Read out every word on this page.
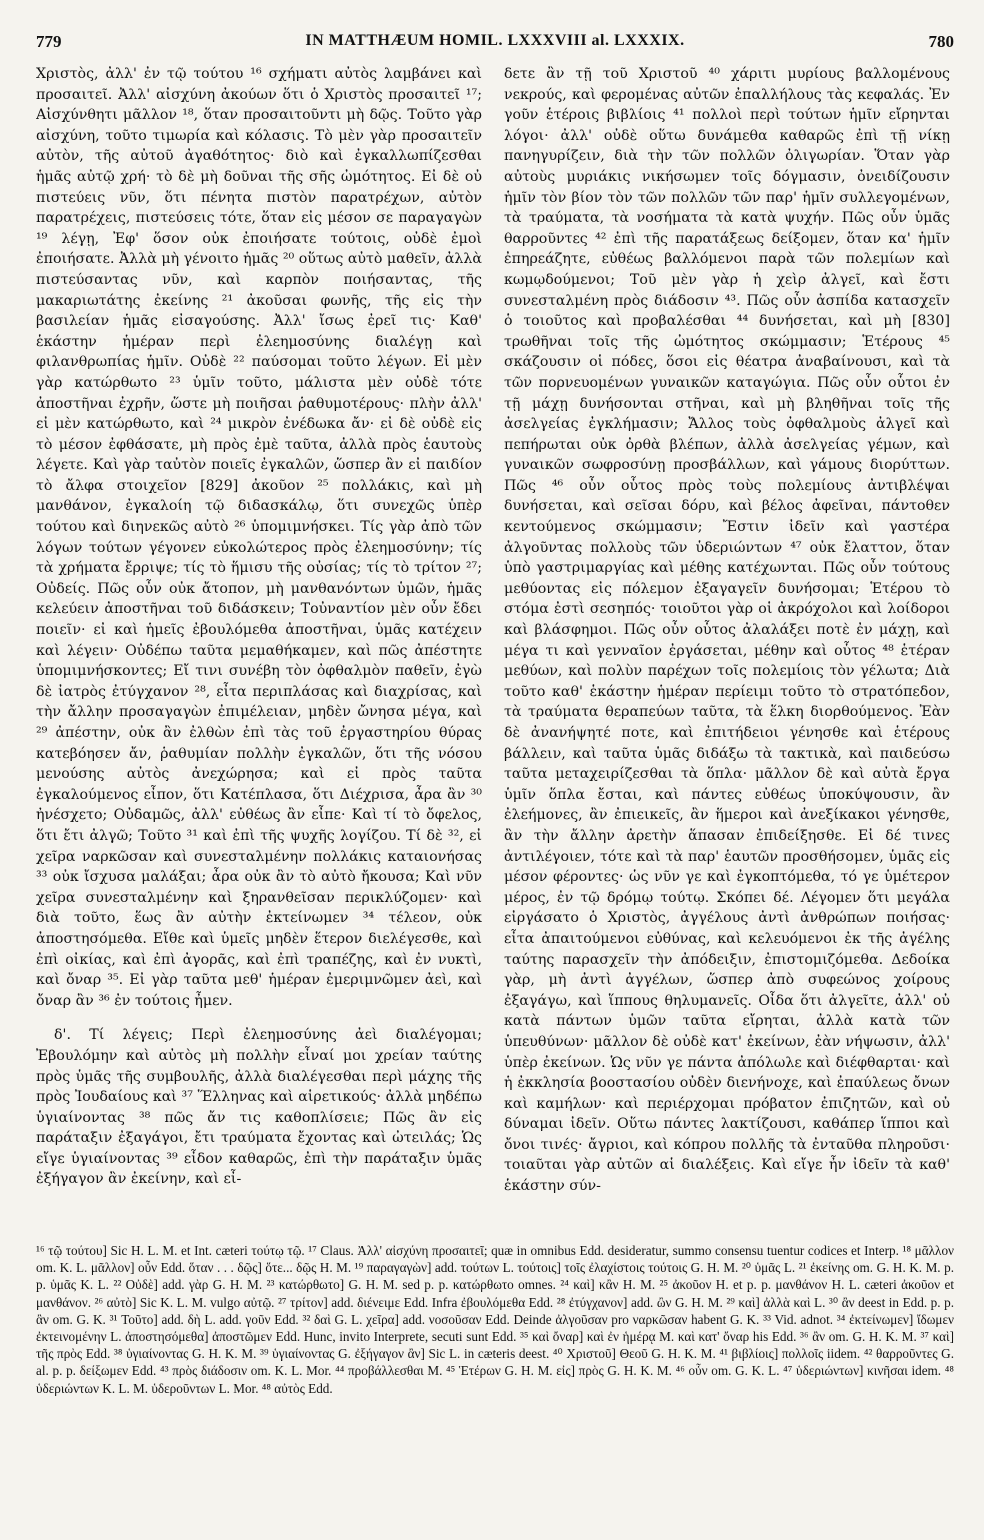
779	IN MATTHÆUM HOMIL. LXXXVIII al. LXXXIX.	780

Χριστὸς, ἀλλ' ἐν τῷ τούτου ¹⁶ σχήματι αὐτὸς λαμβάνει καὶ προσαιτεῖ. Ἀλλ' αἰσχύνη ἀκούων ὅτι ὁ Χριστὸς προσαιτεῖ ¹⁷; Αἰσχύνθητι μᾶλλον ¹⁸, ὅταν προσαιτοῦντι μὴ δῷς. Τοῦτο γὰρ αἰσχύνη, τοῦτο τιμωρία καὶ κόλασις. Τὸ μὲν γὰρ προσαιτεῖν αὐτὸν, τῆς αὐτοῦ ἀγαθότητος· διὸ καὶ ἐγκαλλωπίζεσθαι ἡμᾶς αὐτῷ χρή· τὸ δὲ μὴ δοῦναι τῆς σῆς ὠμότητος. Εἰ δὲ οὐ πιστεύεις νῦν, ὅτι πένητα πιστὸν παρατρέχων, αὐτὸν παρατρέχεις, πιστεύσεις τότε, ὅταν εἰς μέσον σε παραγαγὼν ¹⁹ λέγῃ, Ἐφ' ὅσον οὐκ ἐποιήσατε τούτοις, οὐδὲ ἐμοὶ ἐποιήσατε. Ἀλλὰ μὴ γένοιτο ἡμᾶς ²⁰ οὕτως αὐτὸ μαθεῖν, ἀλλὰ πιστεύσαντας νῦν, καὶ καρπὸν ποιήσαντας, τῆς μακαριωτάτης ἐκείνης ²¹ ἀκοῦσαι φωνῆς, τῆς εἰς τὴν βασιλείαν ἡμᾶς εἰσαγούσης. Ἀλλ' ἴσως ἐρεῖ τις· Καθ' ἑκάστην ἡμέραν περὶ ἐλεημοσύνης διαλέγῃ καὶ φιλανθρωπίας ἡμῖν. Οὐδὲ ²² παύσομαι τοῦτο λέγων. Εἰ μὲν γὰρ κατώρθωτο ²³ ὑμῖν τοῦτο, μάλιστα μὲν οὐδὲ τότε ἀποστῆναι ἐχρῆν, ὥστε μὴ ποιῆσαι ῥαθυμοτέρους· πλὴν ἀλλ' εἰ μὲν κατώρθωτο, καὶ ²⁴ μικρὸν ἐνέδωκα ἄν· εἰ δὲ οὐδὲ εἰς τὸ μέσον ἐφθάσατε, μὴ πρὸς ἐμὲ ταῦτα, ἀλλὰ πρὸς ἑαυτοὺς λέγετε. Καὶ γὰρ ταὐτὸν ποιεῖς ἐγκαλῶν, ὥσπερ ἂν εἰ παιδίον τὸ ἄλφα στοιχεῖον [829] ἀκοῦον ²⁵ πολλάκις, καὶ μὴ μανθάνον, ἐγκαλοίη τῷ διδασκάλῳ, ὅτι συνεχῶς ὑπὲρ τούτου καὶ διηνεκῶς αὐτὸ ²⁶ ὑπομιμνήσκει. Τίς γὰρ ἀπὸ τῶν λόγων τούτων γέγονεν εὐκολώτερος πρὸς ἐλεημοσύνην; τίς τὰ χρήματα ἔρριψε; τίς τὸ ἥμισυ τῆς οὐσίας; τίς τὸ τρίτον ²⁷; Οὐδείς. Πῶς οὖν οὐκ ἄτοπον, μὴ μανθανόντων ὑμῶν, ἡμᾶς κελεύειν ἀποστῆναι τοῦ διδάσκειν; Τοὐναντίον μὲν οὖν ἔδει ποιεῖν· εἰ καὶ ἡμεῖς ἐβουλόμεθα ἀποστῆναι, ὑμᾶς κατέχειν καὶ λέγειν· Οὐδέπω ταῦτα μεμαθήκαμεν, καὶ πῶς ἀπέστητε ὑπομιμνήσκοντες; Εἴ τινι συνέβη τὸν ὀφθαλμὸν παθεῖν, ἐγὼ δὲ ἰατρὸς ἐτύγχανον ²⁸, εἶτα περιπλάσας καὶ διαχρίσας, καὶ τὴν ἄλλην προσαγαγὼν ἐπιμέλειαν, μηδὲν ὤνησα μέγα, καὶ ²⁹ ἀπέστην, οὐκ ἂν ἐλθὼν ἐπὶ τὰς τοῦ ἐργαστηρίου θύρας κατεβόησεν ἄν, ῥαθυμίαν πολλὴν ἐγκαλῶν, ὅτι τῆς νόσου μενούσης αὐτὸς ἀνεχώρησα; καὶ εἰ πρὸς ταῦτα ἐγκαλούμενος εἶπον, ὅτι Κατέπλασα, ὅτι Διέχρισα, ἆρα ἂν ³⁰ ἠνέσχετο; Οὐδαμῶς, ἀλλ' εὐθέως ἂν εἶπε· Καὶ τί τὸ ὄφελος, ὅτι ἔτι ἀλγῶ; Τοῦτο ³¹ καὶ ἐπὶ τῆς ψυχῆς λογίζου. Τί δὲ ³², εἰ χεῖρα ναρκῶσαν καὶ συνεσταλμένην πολλάκις καταιονήσας ³³ οὐκ ἴσχυσα μαλάξαι; ἆρα οὐκ ἂν τὸ αὐτὸ ἤκουσα; Καὶ νῦν χεῖρα συνεσταλμένην καὶ ξηρανθεῖσαν περικλύζομεν· καὶ διὰ τοῦτο, ἕως ἂν αὐτὴν ἐκτείνωμεν ³⁴ τέλεον, οὐκ ἀποστησόμεθα. Εἴθε καὶ ὑμεῖς μηδὲν ἕτερον διελέγεσθε, καὶ ἐπὶ οἰκίας, καὶ ἐπὶ ἀγορᾶς, καὶ ἐπὶ τραπέζης, καὶ ἐν νυκτὶ, καὶ ὄναρ ³⁵. Εἰ γὰρ ταῦτα μεθ' ἡμέραν ἐμεριμνῶμεν ἀεὶ, καὶ ὄναρ ἂν ³⁶ ἐν τούτοις ἦμεν.

δ'. Τί λέγεις; Περὶ ἐλεημοσύνης ἀεὶ διαλέγομαι; Ἐβουλόμην καὶ αὐτὸς μὴ πολλὴν εἶναί μοι χρείαν ταύτης πρὸς ὑμᾶς τῆς συμβουλῆς, ἀλλὰ διαλέγεσθαι περὶ μάχης τῆς πρὸς Ἰουδαίους καὶ ³⁷ Ἕλληνας καὶ αἱρετικούς· ἀλλὰ μηδέπω ὑγιαίνοντας ³⁸ πῶς ἄν τις καθοπλίσειε; Πῶς ἂν εἰς παράταξιν ἐξαγάγοι, ἔτι τραύματα ἔχοντας καὶ ὠτειλάς; Ὡς εἴγε ὑγιαίνοντας ³⁹ εἶδον καθαρῶς, ἐπὶ τὴν παράταξιν ὑμᾶς ἐξήγαγον ἂν ἐκείνην, καὶ εἶ-

δετε ἂν τῇ τοῦ Χριστοῦ ⁴⁰ χάριτι μυρίους βαλλομένους νεκρούς, καὶ φερομένας αὐτῶν ἐπαλλήλους τὰς κεφαλάς. Ἐν γοῦν ἑτέροις βιβλίοις ⁴¹ πολλοὶ περὶ τούτων ἡμῖν εἴρηνται λόγοι· ἀλλ' οὐδὲ οὕτω δυνάμεθα καθαρῶς ἐπὶ τῇ νίκῃ πανηγυρίζειν, διὰ τὴν τῶν πολλῶν ὀλιγωρίαν. Ὅταν γὰρ αὐτοὺς μυριάκις νικήσωμεν τοῖς δόγμασιν, ὀνειδίζουσιν ἡμῖν τὸν βίον τὸν τῶν πολλῶν τῶν παρ' ἡμῖν συλλεγομένων, τὰ τραύματα, τὰ νοσήματα τὰ κατὰ ψυχήν. Πῶς οὖν ὑμᾶς θαρροῦντες ⁴² ἐπὶ τῆς παρατάξεως δείξομεν, ὅταν κα' ἡμῖν ἐπηρεάζητε, εὐθέως βαλλόμενοι παρὰ τῶν πολεμίων καὶ κωμῳδούμενοι; Τοῦ μὲν γὰρ ἡ χεὶρ ἀλγεῖ, καὶ ἔστι συνεσταλμένη πρὸς διάδοσιν ⁴³. Πῶς οὖν ἀσπίδα κατασχεῖν ὁ τοιοῦτος καὶ προβαλέσθαι ⁴⁴ δυνήσεται, καὶ μὴ [830] τρωθῆναι τοῖς τῆς ὠμότητος σκώμμασιν; Ἑτέρους ⁴⁵ σκάζουσιν οἱ πόδες, ὅσοι εἰς θέατρα ἀναβαίνουσι, καὶ τὰ τῶν πορνευομένων γυναικῶν καταγώγια. Πῶς οὖν οὗτοι ἐν τῇ μάχῃ δυνήσονται στῆναι, καὶ μὴ βληθῆναι τοῖς τῆς ἀσελγείας ἐγκλήμασιν; Ἄλλος τοὺς ὀφθαλμοὺς ἀλγεῖ καὶ πεπήρωται οὐκ ὀρθὰ βλέπων, ἀλλὰ ἀσελγείας γέμων, καὶ γυναικῶν σωφροσύνῃ προσβάλλων, καὶ γάμους διορύττων. Πῶς ⁴⁶ οὖν οὗτος πρὸς τοὺς πολεμίους ἀντιβλέψαι δυνήσεται, καὶ σεῖσαι δόρυ, καὶ βέλος ἀφεῖναι, πάντοθεν κεντούμενος σκώμμασιν; Ἔστιν ἰδεῖν καὶ γαστέρα ἀλγοῦντας πολλοὺς τῶν ὑδεριώντων ⁴⁷ οὐκ ἔλαττον, ὅταν ὑπὸ γαστριμαργίας καὶ μέθης κατέχωνται. Πῶς οὖν τούτους μεθύοντας εἰς πόλεμον ἐξαγαγεῖν δυνήσομαι; Ἑτέρου τὸ στόμα ἐστὶ σεσηπός· τοιοῦτοι γὰρ οἱ ἀκρόχολοι καὶ λοίδοροι καὶ βλάσφημοι. Πῶς οὖν οὗτος ἀλαλάξει ποτὲ ἐν μάχῃ, καὶ μέγα τι καὶ γενναῖον ἐργάσεται, μέθην καὶ οὗτος ⁴⁸ ἑτέραν μεθύων, καὶ πολὺν παρέχων τοῖς πολεμίοις τὸν γέλωτα; Διὰ τοῦτο καθ' ἑκάστην ἡμέραν περίειμι τοῦτο τὸ στρατόπεδον, τὰ τραύματα θεραπεύων ταῦτα, τὰ ἕλκη διορθούμενος. Ἐὰν δὲ ἀνανήψητέ ποτε, καὶ ἐπιτήδειοι γένησθε καὶ ἑτέρους βάλλειν, καὶ ταῦτα ὑμᾶς διδάξω τὰ τακτικὰ, καὶ παιδεύσω ταῦτα μεταχειρίζεσθαι τὰ ὅπλα· μᾶλλον δὲ καὶ αὐτὰ ἔργα ὑμῖν ὅπλα ἔσται, καὶ πάντες εὐθέως ὑποκύψουσιν, ἂν ἐλεήμονες, ἂν ἐπιεικεῖς, ἂν ἥμεροι καὶ ἀνεξίκακοι γένησθε, ἂν τὴν ἄλλην ἀρετὴν ἅπασαν ἐπιδείξησθε. Εἰ δέ τινες ἀντιλέγοιεν, τότε καὶ τὰ παρ' ἑαυτῶν προσθήσομεν, ὑμᾶς εἰς μέσον φέροντες· ὡς νῦν γε καὶ ἐγκοπτόμεθα, τό γε ὑμέτερον μέρος, ἐν τῷ δρόμῳ τούτῳ. Σκόπει δέ. Λέγομεν ὅτι μεγάλα εἰργάσατο ὁ Χριστὸς, ἀγγέλους ἀντὶ ἀνθρώπων ποιήσας· εἶτα ἀπαιτούμενοι εὐθύνας, καὶ κελευόμενοι ἐκ τῆς ἀγέλης ταύτης παρασχεῖν τὴν ἀπόδειξιν, ἐπιστομιζόμεθα. Δεδοίκα γὰρ, μὴ ἀντὶ ἀγγέλων, ὥσπερ ἀπὸ συφεώνος χοίρους ἐξαγάγω, καὶ ἵππους θηλυμανεῖς. Οἶδα ὅτι ἀλγεῖτε, ἀλλ' οὐ κατὰ πάντων ὑμῶν ταῦτα εἴρηται, ἀλλὰ κατὰ τῶν ὑπευθύνων· μᾶλλον δὲ οὐδὲ κατ' ἐκείνων, ἐὰν νήψωσιν, ἀλλ' ὑπὲρ ἐκείνων. Ὡς νῦν γε πάντα ἀπόλωλε καὶ διέφθαρται· καὶ ἡ ἐκκλησία βοοστασίου οὐδὲν διενήνοχε, καὶ ἐπαύλεως ὄνων καὶ καμήλων· καὶ περιέρχομαι πρόβατον ἐπιζητῶν, καὶ οὐ δύναμαι ἰδεῖν. Οὕτω πάντες λακτίζουσι, καθάπερ ἵπποι καὶ ὄνοι τινές· ἄγριοι, καὶ κόπρου πολλῆς τὰ ἐνταῦθα πληροῦσι· τοιαῦται γὰρ αὐτῶν αἱ διαλέξεις. Καὶ εἴγε ἦν ἰδεῖν τὰ καθ' ἑκάστην σύν-

¹⁶ τῷ τούτου] Sic H. L. M. et Int. cæteri τούτῳ τῷ. ¹⁷ Claus. Ἀλλ' αἰσχύνη προσαιτεῖ; quæ in omnibus Edd. desideratur, summo consensu tuentur codices et Interp. ¹⁸ μᾶλλον om. K. L. μᾶλλον] οὖν Edd. ὅταν . . . δῷς] ὅτε... δῷς H. M. ¹⁹ παραγαγὼν] add. τούτων L. τούτοις] τοῖς ἐλαχίστοις τούτοις G. H. M. ²⁰ ὑμᾶς L. ²¹ ἐκείνης om. G. H. K. M. p. p. ὑμᾶς K. L. ²² Οὐδὲ] add. γὰρ G. H. M. ²³ κατώρθωτο] G. H. M. sed p. p. κατώρθωτο omnes. ²⁴ καὶ] κἂν H. M. ²⁵ ἀκοῦον H. et p. p. μανθάνον H. L. cæteri ἀκοῦον et μανθάνον. ²⁶ αὐτὸ] Sic K. L. M. vulgo αὐτῷ. ²⁷ τρίτον] add. διένειμε Edd. Infra ἐβουλόμεθα Edd. ²⁸ ἐτύγχανον] add. ὢν G. H. M. ²⁹ καὶ] ἀλλὰ καὶ L. ³⁰ ἂν deest in Edd. p. p. ἂν om. G. K. ³¹ Τοῦτο] add. δὴ L. add. γοῦν Edd. ³² δαὶ G. L. χεῖρα] add. νοσοῦσαν Edd. Deinde ἀλγοῦσαν pro ναρκῶσαν habent G. K. ³³ Vid. adnot. ³⁴ ἐκτείνωμεν] ἴδωμεν ἐκτεινομένην L. ἀποστησόμεθα] ἀποστῶμεν Edd. Hunc, invito Interprete, secuti sunt Edd. ³⁵ καὶ ὄναρ] καὶ ἐν ἡμέρᾳ M. καὶ κατ' ὄναρ his Edd. ³⁶ ἂν om. G. H. K. M. ³⁷ καὶ] τῆς πρὸς Edd. ³⁸ ὑγιαίνοντας G. H. K. M. ³⁹ ὑγιαίνοντας G. ἐξήγαγον ἂν] Sic L. in cæteris deest. ⁴⁰ Χριστοῦ] Θεοῦ G. H. K. M. ⁴¹ βιβλίοις] πολλοῖς iidem. ⁴² θαρροῦντες G. al. p. p. δείξωμεν Edd. ⁴³ πρὸς διάδοσιν om. K. L. Mor. ⁴⁴ προβάλλεσθαι M. ⁴⁵ Ἑτέρων G. H. M. εἰς] πρὸς G. H. K. M. ⁴⁶ οὖν om. G. K. L. ⁴⁷ ὑδεριώντων] κινῆσαι idem. ⁴⁸ ὑδεριώντων K. L. M. ὑδεροῦντων L. Mor. ⁴⁸ αὐτὸς Edd.
